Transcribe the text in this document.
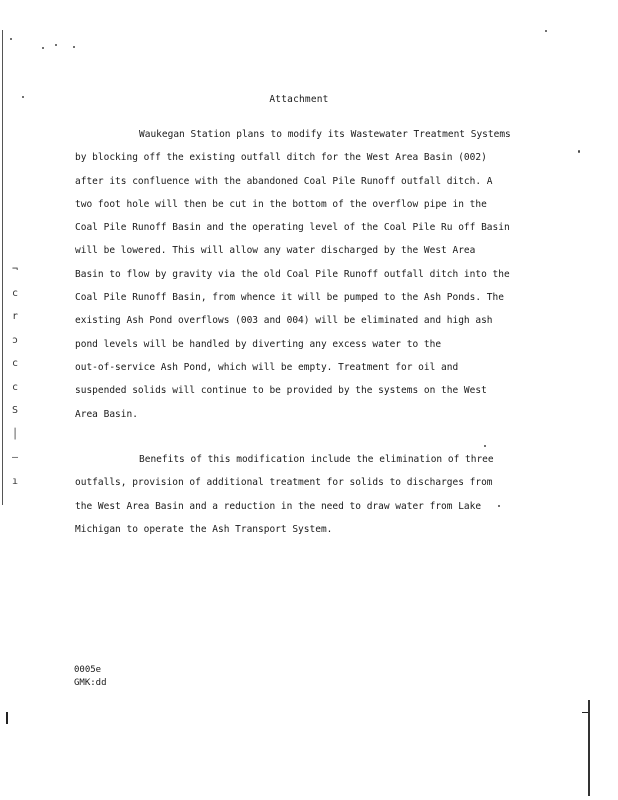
¬
c
r
ɔ
c
c
S
│
—
ı
Attachment
Waukegan Station plans to modify its Wastewater Treatment Systems
by blocking off the existing outfall ditch for the West Area Basin (002)
after its confluence with the abandoned Coal Pile Runoff outfall ditch. A
two foot hole will then be cut in the bottom of the overflow pipe in the
Coal Pile Runoff Basin and the operating level of the Coal Pile Ru off Basin
will be lowered. This will allow any water discharged by the West Area
Basin to flow by gravity via the old Coal Pile Runoff outfall ditch into the
Coal Pile Runoff Basin, from whence it will be pumped to the Ash Ponds. The
existing Ash Pond overflows (003 and 004) will be eliminated and high ash
pond levels will be handled by diverting any excess water to the
out-of-service Ash Pond, which will be empty. Treatment for oil and
suspended solids will continue to be provided by the systems on the West
Area Basin.
Benefits of this modification include the elimination of three
outfalls, provision of additional treatment for solids to discharges from
the West Area Basin and a reduction in the need to draw water from Lake
Michigan to operate the Ash Transport System.
0005e
GMK:dd
